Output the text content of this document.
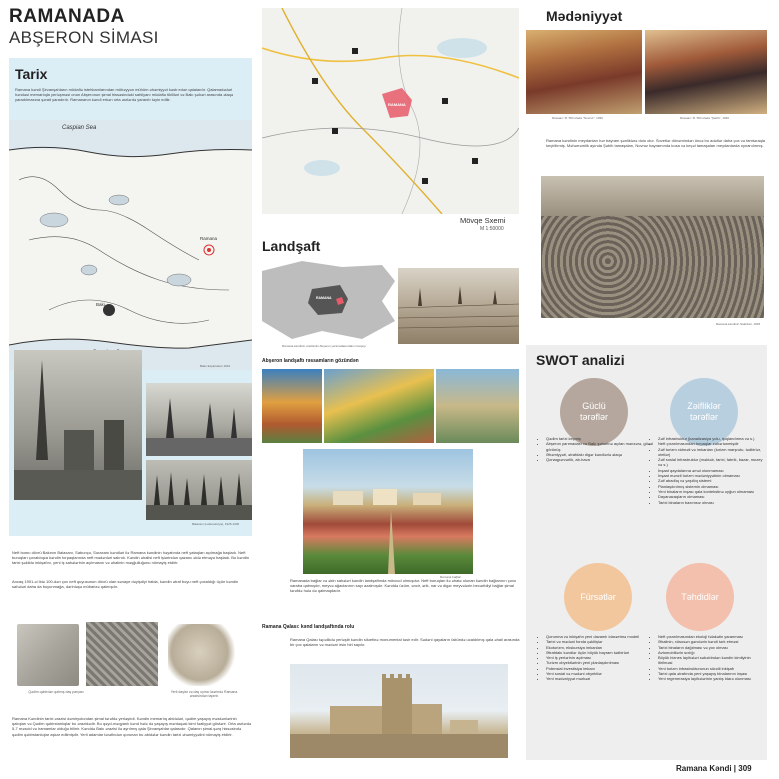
RAMANADA
ABŞERON SİMASI
Tarix
Ramana kəndi Şirvanşahların müdafiə istehkamlarından mühəyyən mühüm əhəmiyyət kəsb edən qalalardır. Qalamadədəri həndəsi memarlıqla yerləşməsi onun Abşeronun şimal hissəsindəki sahilyanı müdafiə tikililəri və Bakı şəhəri arasında əlaqə yaradılmasına şərait yaradırdı. Ramananın kəndi erkən orta əsrlərdə yaranıb təyin edilir.
Caspian Sea
Ramana
Baki
Baku Exploration 1910
Balaxanı (Laboratoriya), 1925-1930
Neft bumu dövrü Bakının Balaxanı, Sabunçu, Suraxanı kəndləri ilə Ramana kəndinin həyatında neft yataqları açılmağa başladı. Neft buruqları çoxaldıqca kəndin torpaqlarında neft mədənləri salındı. Kəndin əhalisi neft işlərindən qazanc əldə etməyə başladı. Bu kəndin tarixi şəkildə inkişafını, yeni iş sahələrinin açılmasını və əhalinin məşğulluğunu nümayiş etdirir.
Ancaq 1901-ci ildə 100-dən çox neft quyusunun dövrü olan sənaye dəyişdiyi halda, kəndin ətraf boyu neft çoxaldığı üçün kəndin sahələri daha da boyunmağa, dərinləşə mübarizə qalmışdır.
Qədim qəbirdən qalmış daş parçası	Yerli daşlar və daş oyma üzərində Ramana ərazisindən tapıntı
Ramana Kəndinin tarixi ərazisi dəmiryolundan şimal tərəfdə yerləşirdi. Kəndin memarlıq abidələri, qədim yaşayış məskənlərinin qalıqları və Qədim qəbirstanlıqlar bu ərazidədir. Bu qəyd-məqyanlı kənd hələ də yaşayış məntəqəsi kimi fəaliyyət göstərir. Orta əsrlərdə 5-7 məscid və hamamlar olduğu bilinir. Kənddə Bakı ərazisi ilə ayrılmış qala Şirvanşahlar qalasıdır. Qalanın şimal-şərq hissəsində qədim qəbirstanlıqlar aşkar edilmişdir. Yerli adamlar tərəfindən qorunan bu abidələr kəndin tarixi əhəmiyyətini nümayiş etdirir.
RAMANA
Mövqe Sxemi
M 1:50000
Landşaft
RAMANA
Ramana kəndinin ərazisinin Abşeron yarımadasındakı mövqeyi
Abşeron landşaftı rəssamların gözündən
Ramana bağları
Ramanada bağlar və əkin sahələri kəndin landşaftında mövcud olmuşdur. Neft buruqları ilə əhatə olunan kəndin bağlarının çoxu xaraba qalmışdır, meyvə ağaclarının sayı azalmışdır. Kənddə üzüm, əncir, ərik, nar və digər meyvələrin becərildiyi bağlar şimal tərəfdə hələ də qalmaqdadır.
Ramana Qalası: kənd landşaftında rolu
Ramana Qalası təpəlikdə yerləşib kəndin siluetinə monumental təsir edir. Sədəni qayaların üstündə ucaldılmış qala əhali arasında bir çox qalaların və mədəni irsin biri sayılır.
Mədəniyyət
Rəssam: Ə. Əzimzadə "Novruz", 1930	Rəssam: Ə. Əzimzadə "Şəbih", 1930
Ramana kəndinin meydanları hər bayram şənliklərə dolu olur. Sovetlər dönəmindən öncə bu adətlər daha çox və tamtəraqla keçirilirmiş. Məhərrəmlik ayında Şəbih tamaşaları, Novruz bayramında kosa və keçəl tamaşaları meydanlarda oynanılırmış.
Ramana kəndinin Sakinləri, 1918
SWOT analizi
Güclü tərəflər
Zəifliklər tərəflər
• Qədim tarixi keçmiş
• Abşeron yarımadası və Bakı şəhərinə açılan mənzərə, gözəl görünüş
• Əhəmiyyəti, ətrafdakı digər kəndlərlə əlaqə
• Qonaqpərvərlik, ab-hava
• Zəif infrastruktur (kanalizasiya yolu, işıqlandırma və s.)
• Neft çıxarılmasından torpaqlar zəhərlənmişdir
• Zəif turizm xidməti və imkanları (turizm marşrutu, tədbirlər, otellər)
• Zəif sosial infrastruktur (məktəb, tarixi, fabrik, bazar, muzey və s.)
• İnşaat qaydalarına əməl olunmaması
• İnşaat mənzil turizm mədəniyyətinin olmaması
• Zəif abadlıq və yaşıllıq sistemi
• Planlaşdırılmış sistemin olmaması
• Yeni binaların inşası qala kontekstinə uyğun olmaması
• Dayanacaqların olmaması
• Tarixi binaların baxımsız olması
Fürsətlər	Təhdidlər
• Qorunma və inkişafın yeni davamlı idarəetmə modeli
• Tarixi və mədəni fonda çəkilişlər
• Ekoturizm, ekskursiya imkanları
• Ətrafdakı kəndlər üçün böyük bayram tədbirləri
• Yeni iş yerlərinin açılması
• Turizm obyektlərinin yeni planlaşdırılması
• Potensial investisiya imkanı
• Yeni sosial və mədəni obyektlər
• Yeni mədəniyyət mərkəzi
• Neft çıxarılmasından ekoloji fəlakətin yaranması
• Əhalinin, xüsusən gənclərin kəndi tərk etməsi
• Tarixi binaların dağılması və yox olması
• Avtomobillərin sıxlığı
• Böyük biznes layihələri səbəbindən kəndin kimliyinin itirilməsi
• Yeni turizm infrastrukturunun sürətli inkişafı
• Tarixi qala ətrafında yeni yaşayış binalarının inşası
• Yeni regenerasiya layihələrinin yanlış idarə olunması
Ramana Kəndi | 309
